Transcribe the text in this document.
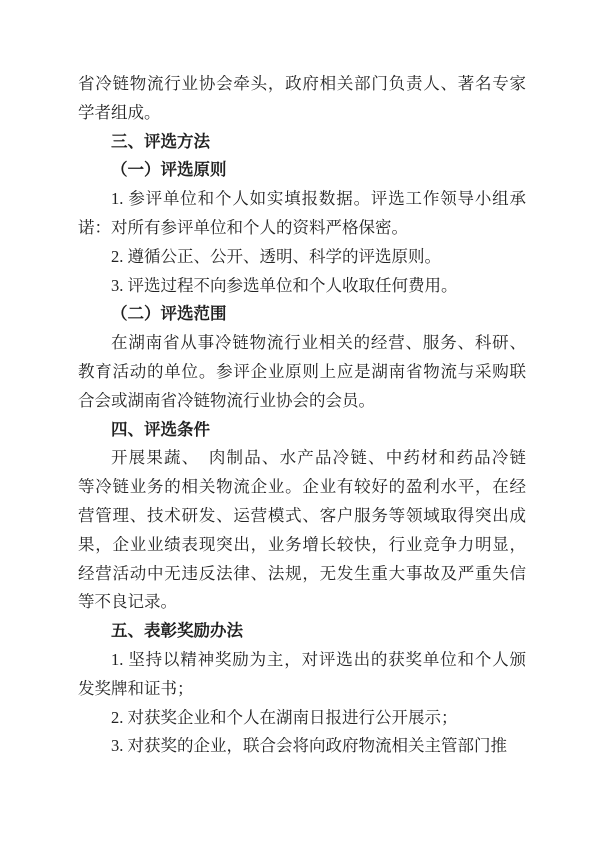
省冷链物流行业协会牵头，政府相关部门负责人、著名专家
学者组成。
三、评选方法
（一）评选原则
1. 参评单位和个人如实填报数据。评选工作领导小组承
诺：对所有参评单位和个人的资料严格保密。
2. 遵循公正、公开、透明、科学的评选原则。
3. 评选过程不向参选单位和个人收取任何费用。
（二）评选范围
在湖南省从事冷链物流行业相关的经营、服务、科研、
教育活动的单位。参评企业原则上应是湖南省物流与采购联
合会或湖南省冷链物流行业协会的会员。
四、评选条件
开展果蔬、　肉制品、水产品冷链、中药材和药品冷链
等冷链业务的相关物流企业。企业有较好的盈利水平，在经
营管理、技术研发、运营模式、客户服务等领域取得突出成
果，企业业绩表现突出，业务增长较快，行业竞争力明显，
经营活动中无违反法律、法规，无发生重大事故及严重失信
等不良记录。
五、表彰奖励办法
1. 坚持以精神奖励为主，对评选出的获奖单位和个人颁
发奖牌和证书；
2. 对获奖企业和个人在湖南日报进行公开展示；
3. 对获奖的企业，联合会将向政府物流相关主管部门推
